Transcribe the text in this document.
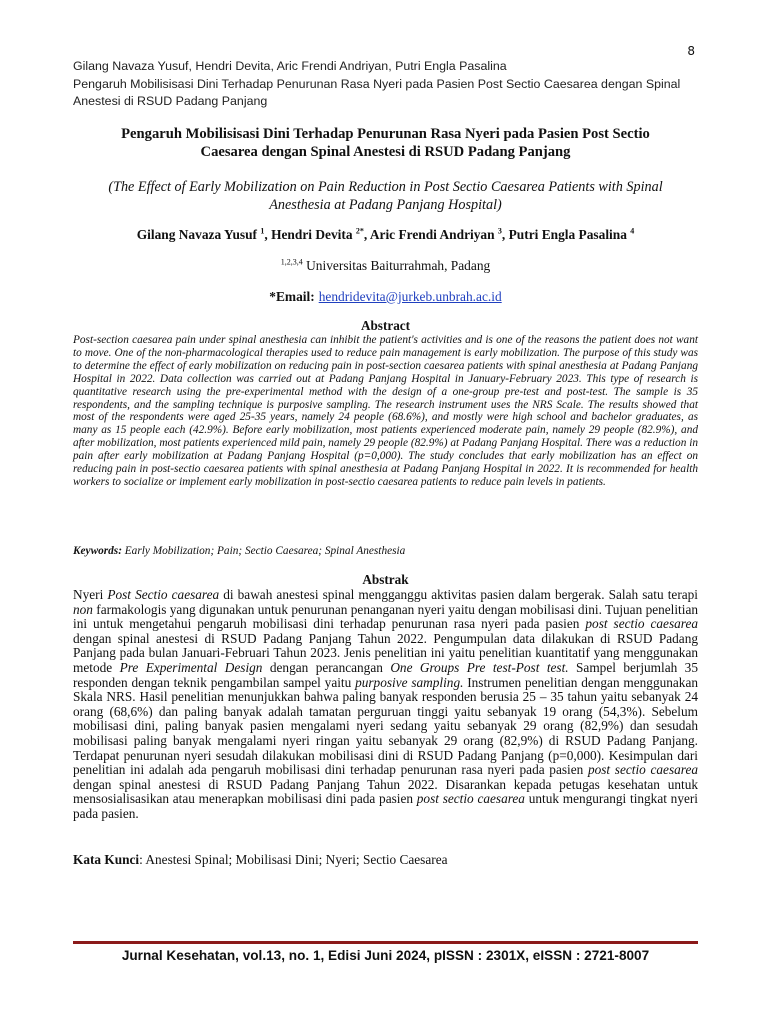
8
Gilang Navaza Yusuf, Hendri Devita, Aric Frendi Andriyan, Putri Engla Pasalina
Pengaruh Mobilisisasi Dini Terhadap Penurunan Rasa Nyeri pada Pasien Post Sectio Caesarea dengan Spinal
Anestesi di RSUD Padang Panjang
Pengaruh Mobilisisasi Dini Terhadap Penurunan Rasa Nyeri pada Pasien Post Sectio
Caesarea dengan Spinal Anestesi di RSUD Padang Panjang
(The Effect of Early Mobilization on Pain Reduction in Post Sectio Caesarea Patients with Spinal
Anesthesia at Padang Panjang Hospital)
Gilang Navaza Yusuf $^1$, Hendri Devita $^{2*}$, Aric Frendi Andriyan $^3$, Putri Engla Pasalina $^4$
$^{1,2,3,4}$ Universitas Baiturrahmah, Padang
*Email: hendridevita@jurkeb.unbrah.ac.id
Abstract
Post-section caesarea pain under spinal anesthesia can inhibit the patient's activities and is one of the reasons the patient does not want to move. One of the non-pharmacological therapies used to reduce pain management is early mobilization. The purpose of this study was to determine the effect of early mobilization on reducing pain in post-section caesarea patients with spinal anesthesia at Padang Panjang Hospital in 2022. Data collection was carried out at Padang Panjang Hospital in January-February 2023. This type of research is quantitative research using the pre-experimental method with the design of a one-group pre-test and post-test. The sample is 35 respondents, and the sampling technique is purposive sampling. The research instrument uses the NRS Scale. The results showed that most of the respondents were aged 25-35 years, namely 24 people (68.6%), and mostly were high school and bachelor graduates, as many as 15 people each (42.9%). Before early mobilization, most patients experienced moderate pain, namely 29 people (82.9%), and after mobilization, most patients experienced mild pain, namely 29 people (82.9%) at Padang Panjang Hospital. There was a reduction in pain after early mobilization at Padang Panjang Hospital (p=0,000). The study concludes that early mobilization has an effect on reducing pain in post-sectio caesarea patients with spinal anesthesia at Padang Panjang Hospital in 2022. It is recommended for health workers to socialize or implement early mobilization in post-sectio caesarea patients to reduce pain levels in patients.
Keywords: Early Mobilization; Pain; Sectio Caesarea; Spinal Anesthesia
Abstrak
Nyeri Post Sectio caesarea di bawah anestesi spinal mengganggu aktivitas pasien dalam bergerak. Salah satu terapi non farmakologis yang digunakan untuk penurunan penanganan nyeri yaitu dengan mobilisasi dini. Tujuan penelitian ini untuk mengetahui pengaruh mobilisasi dini terhadap penurunan rasa nyeri pada pasien post sectio caesarea dengan spinal anestesi di RSUD Padang Panjang Tahun 2022. Pengumpulan data dilakukan di RSUD Padang Panjang pada bulan Januari-Februari Tahun 2023. Jenis penelitian ini yaitu penelitian kuantitatif yang menggunakan metode Pre Experimental Design dengan perancangan One Groups Pre test-Post test. Sampel berjumlah 35 responden dengan teknik pengambilan sampel yaitu purposive sampling. Instrumen penelitian dengan menggunakan Skala NRS. Hasil penelitian menunjukkan bahwa paling banyak responden berusia 25 – 35 tahun yaitu sebanyak 24 orang (68,6%) dan paling banyak adalah tamatan perguruan tinggi yaitu sebanyak 19 orang (54,3%). Sebelum mobilisasi dini, paling banyak pasien mengalami nyeri sedang yaitu sebanyak 29 orang (82,9%) dan sesudah mobilisasi paling banyak mengalami nyeri ringan yaitu sebanyak 29 orang (82,9%) di RSUD Padang Panjang. Terdapat penurunan nyeri sesudah dilakukan mobilisasi dini di RSUD Padang Panjang (p=0,000). Kesimpulan dari penelitian ini adalah ada pengaruh mobilisasi dini terhadap penurunan rasa nyeri pada pasien post sectio caesarea dengan spinal anestesi di RSUD Padang Panjang Tahun 2022. Disarankan kepada petugas kesehatan untuk mensosialisasikan atau menerapkan mobilisasi dini pada pasien post sectio caesarea untuk mengurangi tingkat nyeri pada pasien.
Kata Kunci: Anestesi Spinal; Mobilisasi Dini; Nyeri; Sectio Caesarea
Jurnal Kesehatan, vol.13, no. 1, Edisi Juni 2024, pISSN : 2301X, eISSN : 2721-8007
